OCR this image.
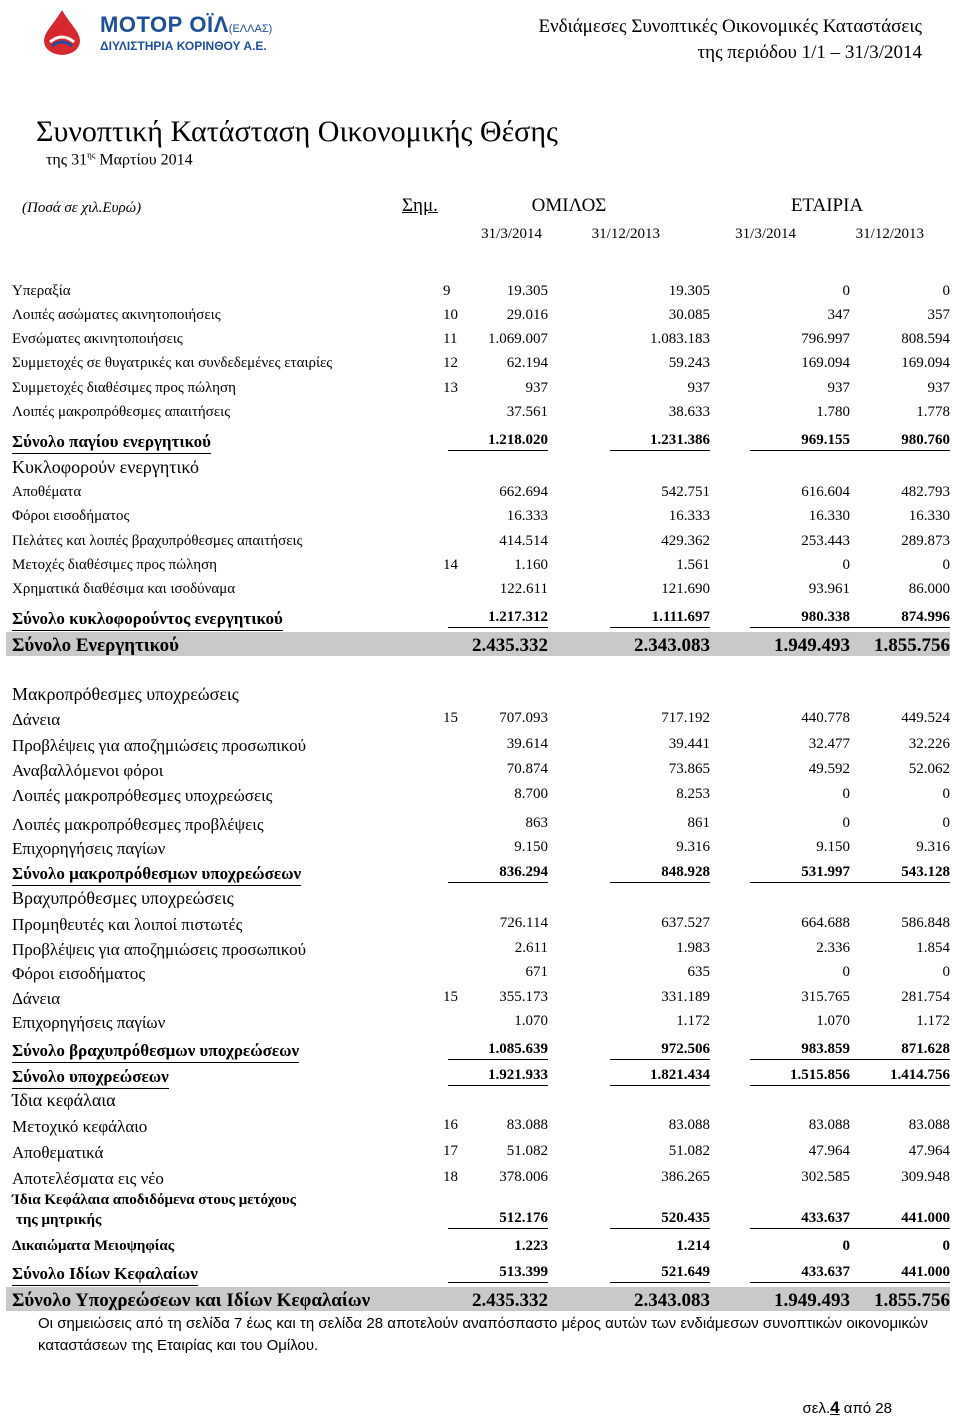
ΜΟΤΟΡ ΟΪΛ(ΕΛΛΑΣ)
ΔΙΥΛΙΣΤΗΡΙΑ ΚΟΡΙΝΘΟΥ Α.Ε.
Ενδιάμεσες Συνοπτικές Οικονομικές Καταστάσεις
της περιόδου 1/1 – 31/3/2014
Συνοπτική Κατάσταση Οικονομικής Θέσης
της $31^{\eta\varsigma}$ Μαρτίου 2014
(Ποσά σε χιλ.Ευρώ)	Σημ.	ΟΜΙΛΟΣ	ΕΤΑΙΡΙΑ
31/3/2014	31/12/2013	31/3/2014	31/12/2013
Υπεραξία	9	19.305	19.305	0	0
Λοιπές ασώματες ακινητοποιήσεις	10	29.016	30.085	347	357
Ενσώματες ακινητοποιήσεις	11	1.069.007	1.083.183	796.997	808.594
Συμμετοχές σε θυγατρικές και συνδεδεμένες εταιρίες	12	62.194	59.243	169.094	169.094
Συμμετοχές διαθέσιμες προς πώληση	13	937	937	937	937
Λοιπές μακροπρόθεσμες απαιτήσεις	37.561	38.633	1.780	1.778
Σύνολο παγίου ενεργητικού	1.218.020	1.231.386	969.155	980.760
Κυκλοφορούν ενεργητικό
Αποθέματα	662.694	542.751	616.604	482.793
Φόροι εισοδήματος	16.333	16.333	16.330	16.330
Πελάτες και λοιπές βραχυπρόθεσμες απαιτήσεις	414.514	429.362	253.443	289.873
Μετοχές διαθέσιμες προς πώληση	14	1.160	1.561	0	0
Χρηματικά διαθέσιμα και ισοδύναμα	122.611	121.690	93.961	86.000
Σύνολο κυκλοφορούντος ενεργητικού	1.217.312	1.111.697	980.338	874.996
Σύνολο Ενεργητικού	2.435.332	2.343.083	1.949.493	1.855.756
Μακροπρόθεσμες υποχρεώσεις
Δάνεια	15	707.093	717.192	440.778	449.524
Προβλέψεις για αποζημιώσεις προσωπικού	39.614	39.441	32.477	32.226
Αναβαλλόμενοι φόροι	70.874	73.865	49.592	52.062
Λοιπές μακροπρόθεσμες υποχρεώσεις	8.700	8.253	0	0
Λοιπές μακροπρόθεσμες προβλέψεις	863	861	0	0
Επιχορηγήσεις παγίων	9.150	9.316	9.150	9.316
Σύνολο μακροπρόθεσμων υποχρεώσεων	836.294	848.928	531.997	543.128
Βραχυπρόθεσμες υποχρεώσεις
Προμηθευτές και λοιποί πιστωτές	726.114	637.527	664.688	586.848
Προβλέψεις για αποζημιώσεις προσωπικού	2.611	1.983	2.336	1.854
Φόροι εισοδήματος	671	635	0	0
Δάνεια	15	355.173	331.189	315.765	281.754
Επιχορηγήσεις παγίων	1.070	1.172	1.070	1.172
Σύνολο βραχυπρόθεσμων υποχρεώσεων	1.085.639	972.506	983.859	871.628
Σύνολο υποχρεώσεων	1.921.933	1.821.434	1.515.856	1.414.756
Ίδια κεφάλαια
Μετοχικό κεφάλαιο	16	83.088	83.088	83.088	83.088
Αποθεματικά	17	51.082	51.082	47.964	47.964
Αποτελέσματα εις νέο	18	378.006	386.265	302.585	309.948
Ίδια Κεφάλαια αποδιδόμενα στους μετόχους
της μητρικής	512.176	520.435	433.637	441.000
Δικαιώματα Μειοψηφίας	1.223	1.214	0	0
Σύνολο Ιδίων Κεφαλαίων	513.399	521.649	433.637	441.000
Σύνολο Υποχρεώσεων και Ιδίων Κεφαλαίων	2.435.332	2.343.083	1.949.493	1.855.756
Οι σημειώσεις από τη σελίδα 7 έως και τη σελίδα 28 αποτελούν αναπόσπαστο μέρος αυτών των ενδιάμεσων συνοπτικών οικονομικών καταστάσεων της Εταιρίας και του Ομίλου.
σελ.4 από 28
